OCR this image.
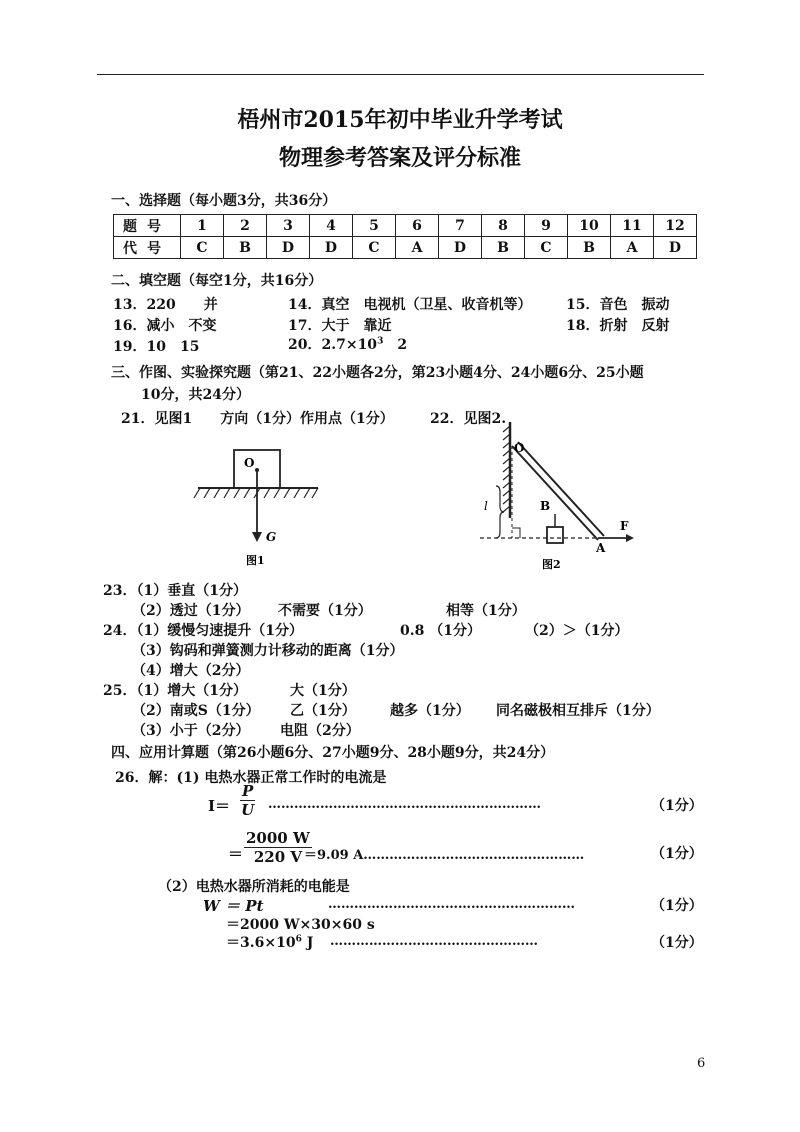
梧州市2015年初中毕业升学考试
物理参考答案及评分标准
一、选择题（每小题3分，共36分）
题号	1	2	3	4	5	6	7	8	9	10	11	12
代号	C	B	D	D	C	A	D	B	C	B	A	D
二、填空题（每空1分，共16分）
13．220　　并	14．真空　电视机（卫星、收音机等） 15．音色　振动
16．减小　不变	17．大于　靠近	18．折射　反射
19．10　15	20．$2.7\times 10^3$　2
三、作图、实验探究题（第21、22小题各2分，第23小题4分、24小题6分、25小题
10分，共24分）
21．见图1　　方向（1分）作用点（1分）	22．见图2.
O
G
图1
O
B
l
F
A
图2
23．（1）垂直（1分）
（2）透过（1分） 不需要（1分）	相等（1分）
24．（1）缓慢匀速提升（1分）	0.8 （1分）	（2）＞（1分）
（3）钩码和弹簧测力计移动的距离（1分）
（4）增大（2分）
25．（1）增大（1分）	大（1分）
（2）南或S（1分） 乙（1分） 越多（1分） 同名磁极相互排斥（1分）
（3）小于（2分） 电阻（2分）
四、应用计算题（第26小题6分、27小题9分、28小题9分，共24分）
26．解：(1) 电热水器正常工作时的电流是
$I= \frac{P}{U}$ ………………………………………………………	（1分）
＝ $\frac{2000 W}{220 V}$
＝9.09 A……………………………………………	（1分）
（2）电热水器所消耗的电能是
W ＝ Pt	…………………………………………………	（1分）
＝2000 W×30×60 s
$=3.6\times 10^6$ J …………………………………………	（1分）
6
